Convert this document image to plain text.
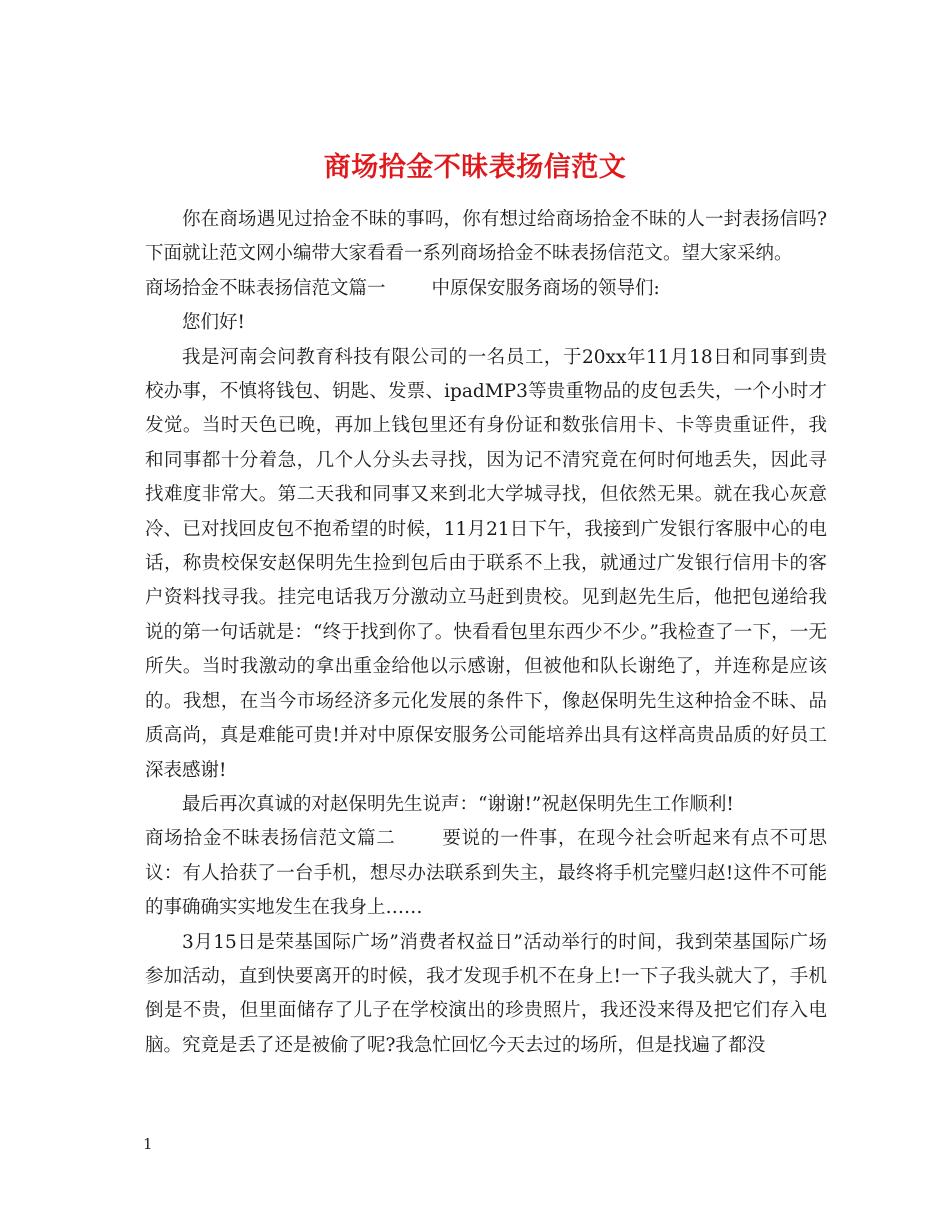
商场拾金不昧表扬信范文

你在商场遇见过拾金不昧的事吗，你有想过给商场拾金不昧的人一封表扬信吗?下面就让范文网小编带大家看看一系列商场拾金不昧表扬信范文。望大家采纳。

商场拾金不昧表扬信范文篇一 中原保安服务商场的领导们:

您们好!

我是河南会问教育科技有限公司的一名员工，于20xx年11月18日和同事到贵校办事，不慎将钱包、钥匙、发票、ipadMP3等贵重物品的皮包丢失，一个小时才发觉。当时天色已晚，再加上钱包里还有身份证和数张信用卡、卡等贵重证件，我和同事都十分着急，几个人分头去寻找，因为记不清究竟在何时何地丢失，因此寻找难度非常大。第二天我和同事又来到北大学城寻找，但依然无果。就在我心灰意冷、已对找回皮包不抱希望的时候，11月21日下午，我接到广发银行客服中心的电话，称贵校保安赵保明先生捡到包后由于联系不上我，就通过广发银行信用卡的客户资料找寻我。挂完电话我万分激动立马赶到贵校。见到赵先生后，他把包递给我说的第一句话就是：“终于找到你了。快看看包里东西少不少。”我检查了一下，一无所失。当时我激动的拿出重金给他以示感谢，但被他和队长谢绝了，并连称是应该的。我想，在当今市场经济多元化发展的条件下，像赵保明先生这种拾金不昧、品质高尚，真是难能可贵!并对中原保安服务公司能培养出具有这样高贵品质的好员工深表感谢!

最后再次真诚的对赵保明先生说声：“谢谢!”祝赵保明先生工作顺利!

商场拾金不昧表扬信范文篇二 要说的一件事，在现今社会听起来有点不可思议：有人拾获了一台手机，想尽办法联系到失主，最终将手机完璧归赵!这件不可能的事确确实实地发生在我身上……

3月15日是荣基国际广场”消费者权益日”活动举行的时间，我到荣基国际广场参加活动，直到快要离开的时候，我才发现手机不在身上!一下子我头就大了，手机倒是不贵，但里面储存了儿子在学校演出的珍贵照片，我还没来得及把它们存入电脑。究竟是丢了还是被偷了呢?我急忙回忆今天去过的场所，但是找遍了都没

1
